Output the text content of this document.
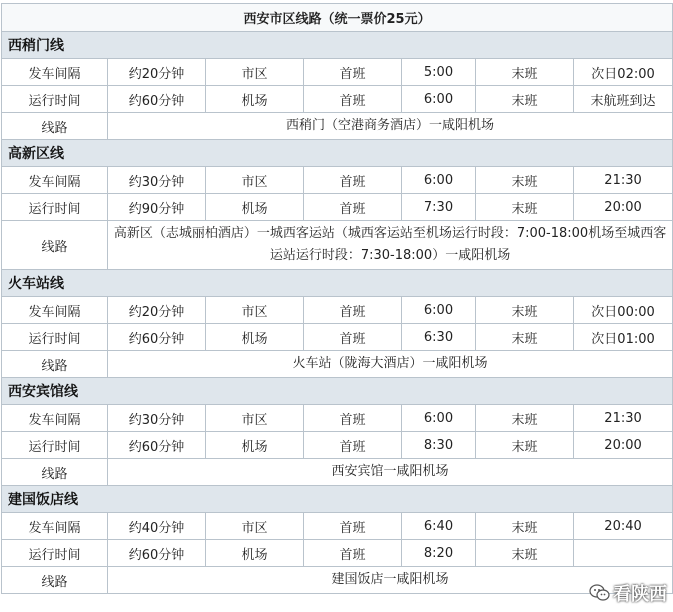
西安市区线路（统一票价25元）						
西稍门线						
发车间隔	约20分钟	市区	首班	5:00	末班	次日02:00
运行时间	约60分钟	机场	首班	6:00	末班	末航班到达
线路	西稍门（空港商务酒店）一咸阳机场					
高新区线						
发车间隔	约30分钟	市区	首班	6:00	末班	21:30
运行时间	约90分钟	机场	首班	7:30	末班	20:00
线路	高新区（志城丽柏酒店）一城西客运站（城西客运站至机场运行时段：7:00-18:00机场至城西客运站运行时段：7:30-18:00）一咸阳机场					
火车站线						
发车间隔	约20分钟	市区	首班	6:00	末班	次日00:00
运行时间	约60分钟	机场	首班	6:30	末班	次日01:00
线路	火车站（陇海大酒店）一咸阳机场					
西安宾馆线						
发车间隔	约30分钟	市区	首班	6:00	末班	21:30
运行时间	约60分钟	机场	首班	8:30	末班	20:00
线路	西安宾馆一咸阳机场					
建国饭店线						
发车间隔	约40分钟	市区	首班	6:40	末班	20:40
运行时间	约60分钟	机场	首班	8:20	末班	
线路	建国饭店一咸阳机场					
看陕西
